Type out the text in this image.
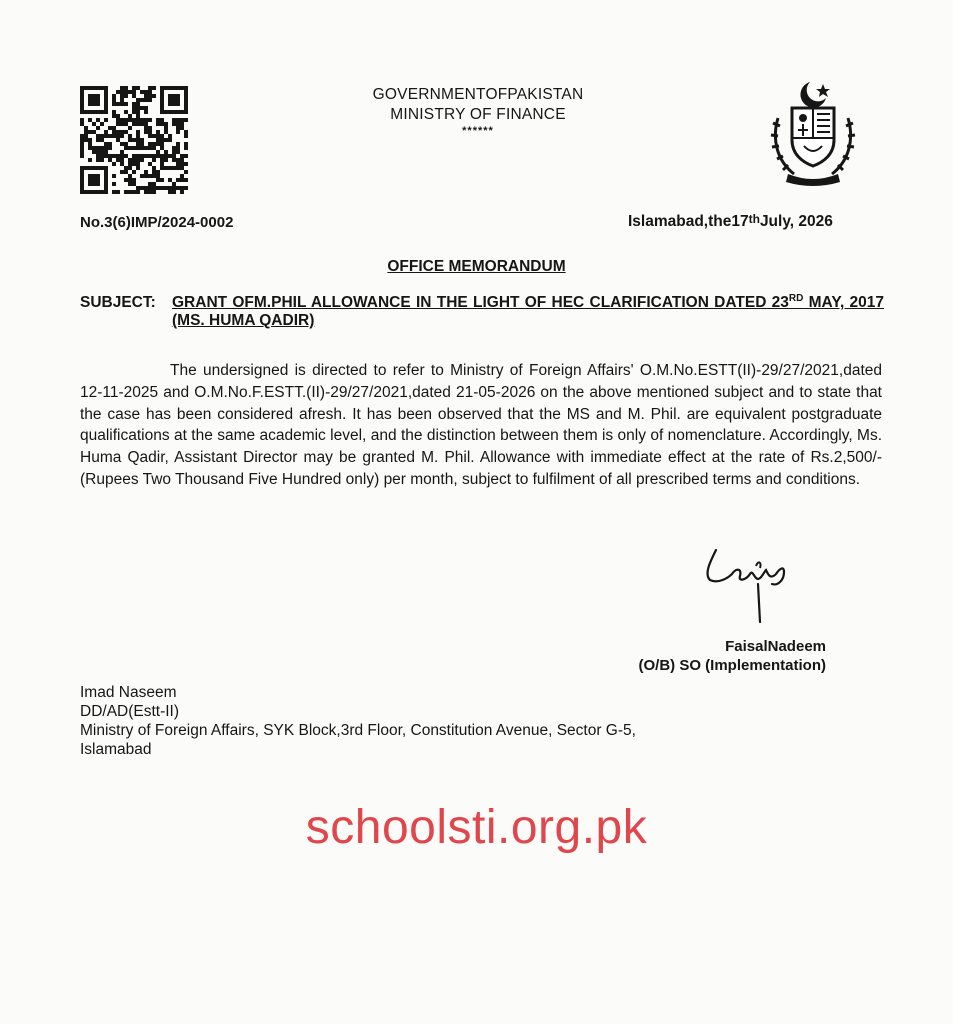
GOVERNMENTOFPAKISTAN
MINISTRY OF FINANCE
******
No.3(6)IMP/2024-0002	Islamabad,the17thJuly, 2026
OFFICE MEMORANDUM
SUBJECT: GRANT OFM.PHIL ALLOWANCE IN THE LIGHT OF HEC CLARIFICATION DATED 23RD MAY, 2017 (MS. HUMA QADIR)
The undersigned is directed to refer to Ministry of Foreign Affairs' O.M.No.ESTT(II)-29/27/2021,dated 12-11-2025 and O.M.No.F.ESTT.(II)-29/27/2021,dated 21-05-2026 on the above mentioned subject and to state that the case has been considered afresh. It has been observed that the MS and M. Phil. are equivalent postgraduate qualifications at the same academic level, and the distinction between them is only of nomenclature. Accordingly, Ms. Huma Qadir, Assistant Director may be granted M. Phil. Allowance with immediate effect at the rate of Rs.2,500/- (Rupees Two Thousand Five Hundred only) per month, subject to fulfilment of all prescribed terms and conditions.
FaisalNadeem
(O/B) SO (Implementation)
Imad Naseem
DD/AD(Estt-II)
Ministry of Foreign Affairs, SYK Block,3rd Floor, Constitution Avenue, Sector G-5,
Islamabad
schoolsti.org.pk
